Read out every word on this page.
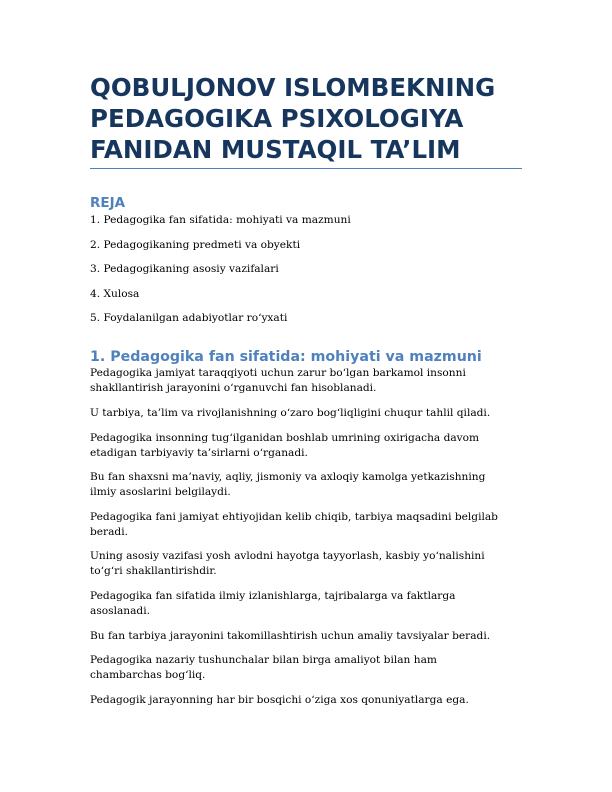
QOBULJONOV ISLOMBEKNING
PEDAGOGIKA PSIXOLOGIYA
FANIDAN MUSTAQIL TA’LIM
REJA

1. Pedagogika fan sifatida: mohiyati va mazmuni

2. Pedagogikaning predmeti va obyekti

3. Pedagogikaning asosiy vazifalari

4. Xulosa

5. Foydalanilgan adabiyotlar ro‘yxati

1. Pedagogika fan sifatida: mohiyati va mazmuni

Pedagogika jamiyat taraqqiyoti uchun zarur bo‘lgan barkamol insonni
shakllantirish jarayonini o‘rganuvchi fan hisoblanadi.

U tarbiya, ta’lim va rivojlanishning o‘zaro bog‘liqligini chuqur tahlil qiladi.

Pedagogika insonning tug‘ilganidan boshlab umrining oxirigacha davom
etadigan tarbiyaviy ta’sirlarni o‘rganadi.

Bu fan shaxsni ma’naviy, aqliy, jismoniy va axloqiy kamolga yetkazishning
ilmiy asoslarini belgilaydi.

Pedagogika fani jamiyat ehtiyojidan kelib chiqib, tarbiya maqsadini belgilab
beradi.

Uning asosiy vazifasi yosh avlodni hayotga tayyorlash, kasbiy yo‘nalishini
to‘g‘ri shakllantirishdir.

Pedagogika fan sifatida ilmiy izlanishlarga, tajribalarga va faktlarga
asoslanadi.

Bu fan tarbiya jarayonini takomillashtirish uchun amaliy tavsiyalar beradi.

Pedagogika nazariy tushunchalar bilan birga amaliyot bilan ham
chambarchas bog‘liq.

Pedagogik jarayonning har bir bosqichi o‘ziga xos qonuniyatlarga ega.
